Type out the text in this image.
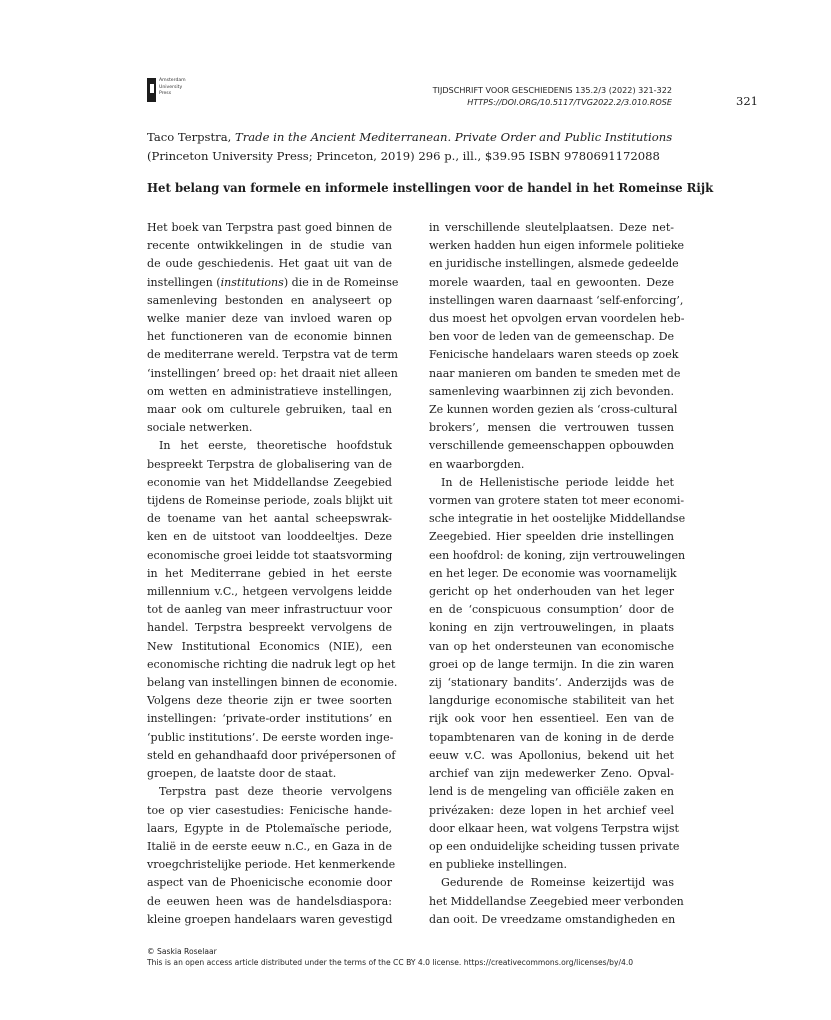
Amsterdam
University
Press	TIJDSCHRIFT VOOR GESCHIEDENIS 135.2/3 (2022) 321-322
HTTPS://DOI.ORG/10.5117/TVG2022.2/3.010.ROSE	321
Taco Terpstra, Trade in the Ancient Mediterranean. Private Order and Public Institutions (Princeton University Press; Princeton, 2019) 296 p., ill., $39.95 ISBN 9780691172088
Het belang van formele en informele instellingen voor de handel in het Romeinse Rijk
Het boek van Terpstra past goed binnen de
recente ontwikkelingen in de studie van
de oude geschiedenis. Het gaat uit van de
instellingen (institutions) die in de Romeinse
samenleving bestonden en analyseert op
welke manier deze van invloed waren op
het functioneren van de economie binnen
de mediterrane wereld. Terpstra vat de term
‘instellingen’ breed op: het draait niet alleen
om wetten en administratieve instellingen,
maar ook om culturele gebruiken, taal en
sociale netwerken.
In het eerste, theoretische hoofdstuk
bespreekt Terpstra de globalisering van de
economie van het Middellandse Zeegebied
tijdens de Romeinse periode, zoals blijkt uit
de toename van het aantal scheepswrak-
ken en de uitstoot van looddeeltjes. Deze
economische groei leidde tot staatsvorming
in het Mediterrane gebied in het eerste
millennium v.C., hetgeen vervolgens leidde
tot de aanleg van meer infrastructuur voor
handel. Terpstra bespreekt vervolgens de
New Institutional Economics (NIE), een
economische richting die nadruk legt op het
belang van instellingen binnen de economie.
Volgens deze theorie zijn er twee soorten
instellingen: ‘private-order institutions’ en
‘public institutions’. De eerste worden inge-
steld en gehandhaafd door privépersonen of
groepen, de laatste door de staat.
Terpstra past deze theorie vervolgens
toe op vier casestudies: Fenicische hande-
laars, Egypte in de Ptolemaïsche periode,
Italië in de eerste eeuw n.C., en Gaza in de
vroegchristelijke periode. Het kenmerkende
aspect van de Phoenicische economie door
de eeuwen heen was de handelsdiaspora:
kleine groepen handelaars waren gevestigd
in verschillende sleutelplaatsen. Deze net-
werken hadden hun eigen informele politieke
en juridische instellingen, alsmede gedeelde
morele waarden, taal en gewoonten. Deze
instellingen waren daarnaast ‘self-enforcing’,
dus moest het opvolgen ervan voordelen heb-
ben voor de leden van de gemeenschap. De
Fenicische handelaars waren steeds op zoek
naar manieren om banden te smeden met de
samenleving waarbinnen zij zich bevonden.
Ze kunnen worden gezien als ‘cross-cultural
brokers’, mensen die vertrouwen tussen
verschillende gemeenschappen opbouwden
en waarborgden.
In de Hellenistische periode leidde het
vormen van grotere staten tot meer economi-
sche integratie in het oostelijke Middellandse
Zeegebied. Hier speelden drie instellingen
een hoofdrol: de koning, zijn vertrouwelingen
en het leger. De economie was voornamelijk
gericht op het onderhouden van het leger
en de ‘conspicuous consumption’ door de
koning en zijn vertrouwelingen, in plaats
van op het ondersteunen van economische
groei op de lange termijn. In die zin waren
zij ‘stationary bandits’. Anderzijds was de
langdurige economische stabiliteit van het
rijk ook voor hen essentieel. Een van de
topambtenaren van de koning in de derde
eeuw v.C. was Apollonius, bekend uit het
archief van zijn medewerker Zeno. Opval-
lend is de mengeling van officiële zaken en
privézaken: deze lopen in het archief veel
door elkaar heen, wat volgens Terpstra wijst
op een onduidelijke scheiding tussen private
en publieke instellingen.
Gedurende de Romeinse keizertijd was
het Middellandse Zeegebied meer verbonden
dan ooit. De vreedzame omstandigheden en
© Saskia Roselaar
This is an open access article distributed under the terms of the CC BY 4.0 license. https://creativecommons.org/licenses/by/4.0
